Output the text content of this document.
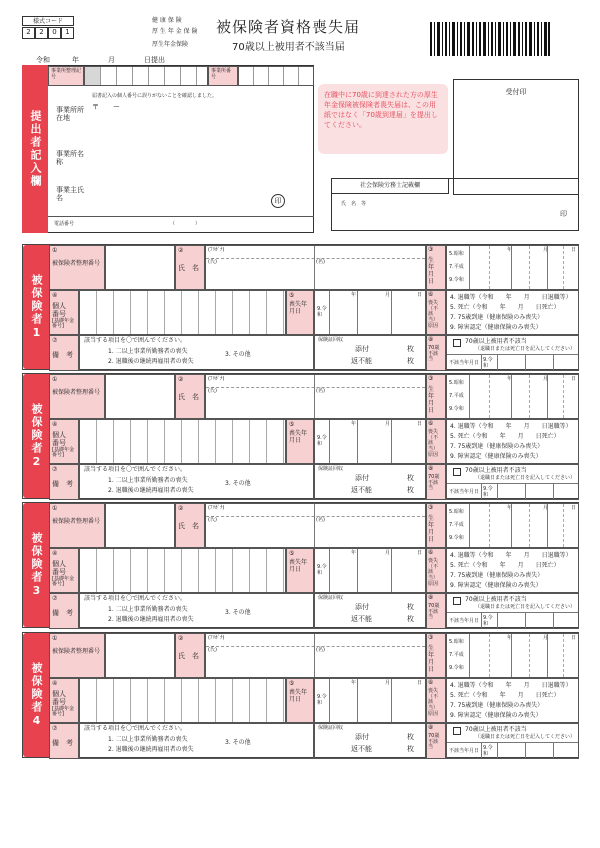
様式コード
2	2	0	1
健 康 保 険
厚 生 年 金 保 険
厚生年金保険
被保険者資格喪失届
70歳以上被用者不該当届
令和	年	月	日提出
提出者記入欄
事業所整理記号
事業所番号
届書記入の個人番号に誤りがないことを確認しました。
〒　　ー
事業所所在地
事業所名称
事業主氏名	印
電話番号	（　　　　）
在職中に70歳に到達された方の厚生年金保険被保険者喪失届は、この用紙ではなく「70歳到達届」を提出してください。
受付印
社会保険労務士記載欄
氏　名　等
印
被保険者1
①
被保険者整理番号
②
氏　名
(ﾌﾘｶﾞﾅ)
(氏)	(名)
③
生年月日
5.昭和
7.平成
9.令和
年	月	日
④
個人番号
[基礎年金番号]
⑤
喪失年月日	9.令和
年	月	日 ⑥
喪失（不該当）原因
4. 退職等（令和　　年　　月　　日退職等）
5. 死亡（令和　　年　　月　　日死亡）
7. 75歳到達（健康保険のみ喪失）
9. 障害認定（健康保険のみ喪失）
⑦
備　考
該当する項目を〇で囲んでください。
1. 二以上事業所勤務者の喪失
2. 退職後の継続再雇用者の喪失
3. その他
保険証回収
添付	枚
返不能	枚
⑧
70歳不該当
70歳以上被用者不該当
（退職日または死亡日を記入してください）
不該当年月日 9.令和
被保険者2
①
被保険者整理番号
②
氏　名
(ﾌﾘｶﾞﾅ)
(氏)	(名)
③
生年月日
5.昭和
7.平成
9.令和
年	月	日
④
個人番号
[基礎年金番号]
⑤
喪失年月日	9.令和
年	月	日 ⑥
喪失（不該当）原因
4. 退職等（令和　　年　　月　　日退職等）
5. 死亡（令和　　年　　月　　日死亡）
7. 75歳到達（健康保険のみ喪失）
9. 障害認定（健康保険のみ喪失）
⑦
備　考
該当する項目を〇で囲んでください。
1. 二以上事業所勤務者の喪失
2. 退職後の継続再雇用者の喪失
3. その他
保険証回収
添付	枚
返不能	枚
⑧
70歳不該当
70歳以上被用者不該当
（退職日または死亡日を記入してください）
不該当年月日 9.令和
被保険者3
①
被保険者整理番号
②
氏　名
(ﾌﾘｶﾞﾅ)
(氏)	(名)
③
生年月日
5.昭和
7.平成
9.令和
年	月	日
④
個人番号
[基礎年金番号]
⑤
喪失年月日	9.令和
年	月	日 ⑥
喪失（不該当）原因
4. 退職等（令和　　年　　月　　日退職等）
5. 死亡（令和　　年　　月　　日死亡）
7. 75歳到達（健康保険のみ喪失）
9. 障害認定（健康保険のみ喪失）
⑦
備　考
該当する項目を〇で囲んでください。
1. 二以上事業所勤務者の喪失
2. 退職後の継続再雇用者の喪失
3. その他
保険証回収
添付	枚
返不能	枚
⑧
70歳不該当
70歳以上被用者不該当
（退職日または死亡日を記入してください）
不該当年月日 9.令和
被保険者4
①
被保険者整理番号
②
氏　名
(ﾌﾘｶﾞﾅ)
(氏)	(名)
③
生年月日
5.昭和
7.平成
9.令和
年	月	日
④
個人番号
[基礎年金番号]
⑤
喪失年月日	9.令和
年	月	日 ⑥
喪失（不該当）原因
4. 退職等（令和　　年　　月　　日退職等）
5. 死亡（令和　　年　　月　　日死亡）
7. 75歳到達（健康保険のみ喪失）
9. 障害認定（健康保険のみ喪失）
⑦
備　考
該当する項目を〇で囲んでください。
1. 二以上事業所勤務者の喪失
2. 退職後の継続再雇用者の喪失
3. その他
保険証回収
添付	枚
返不能	枚
⑧
70歳不該当
70歳以上被用者不該当
（退職日または死亡日を記入してください）
不該当年月日 9.令和
